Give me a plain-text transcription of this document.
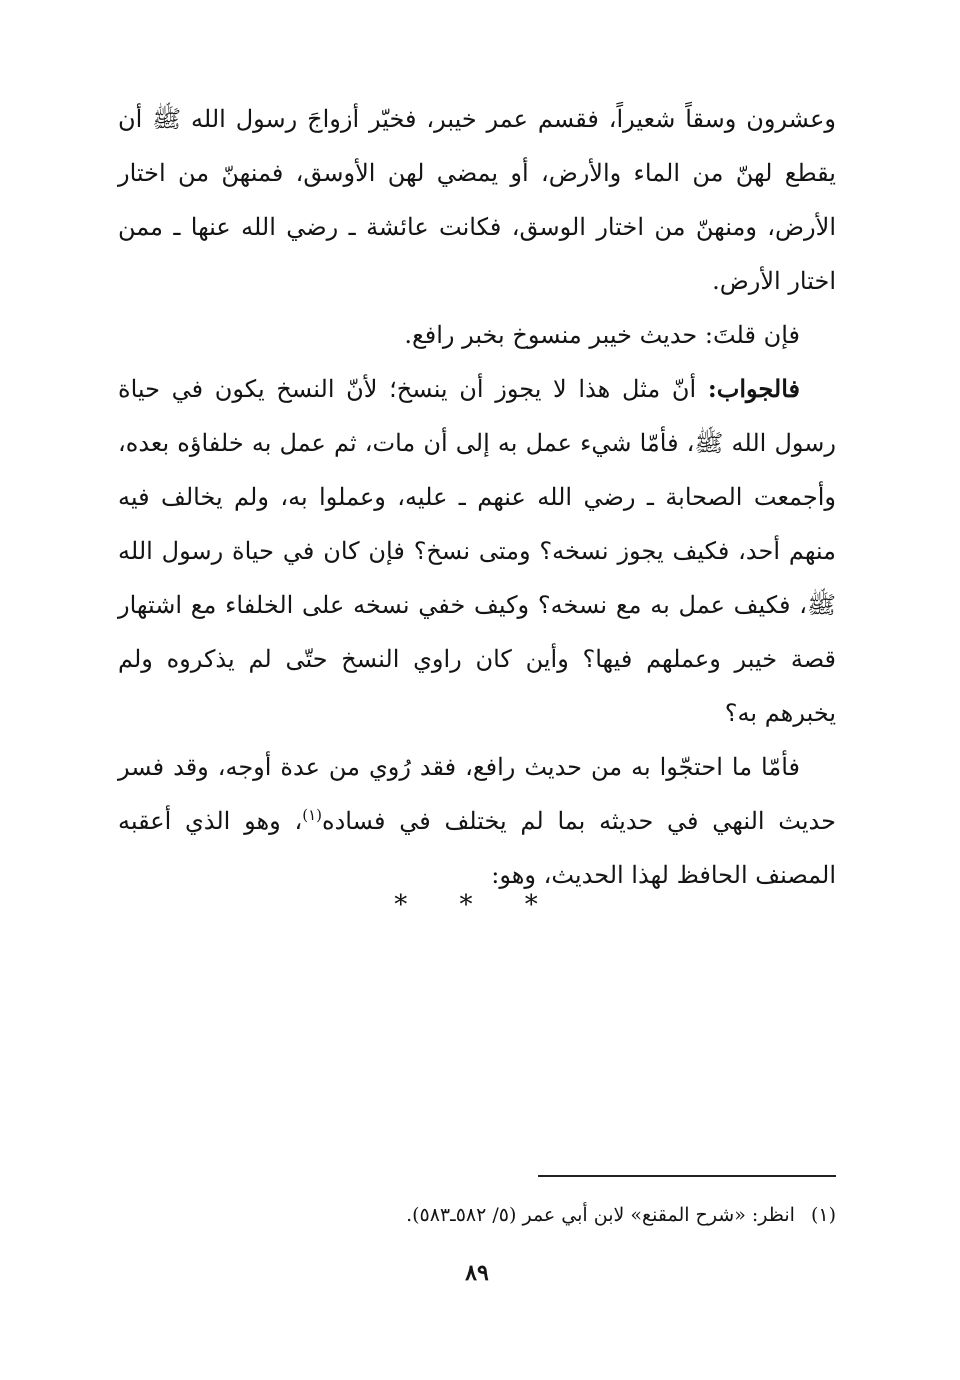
وعشرون وسقاً شعيراً، فقسم عمر خيبر، فخيّر أزواجَ رسول الله ﷺ أن يقطع لهنّ من الماء والأرض، أو يمضي لهن الأوسق، فمنهنّ من اختار الأرض، ومنهنّ من اختار الوسق، فكانت عائشة ـ رضي الله عنها ـ ممن اختار الأرض.

فإن قلتَ: حديث خيبر منسوخ بخبر رافع.

فالجواب: أنّ مثل هذا لا يجوز أن ينسخ؛ لأنّ النسخ يكون في حياة رسول الله ﷺ، فأمّا شيء عمل به إلى أن مات، ثم عمل به خلفاؤه بعده، وأجمعت الصحابة ـ رضي الله عنهم ـ عليه، وعملوا به، ولم يخالف فيه منهم أحد، فكيف يجوز نسخه؟ ومتى نسخ؟ فإن كان في حياة رسول الله ﷺ، فكيف عمل به مع نسخه؟ وكيف خفي نسخه على الخلفاء مع اشتهار قصة خيبر وعملهم فيها؟ وأين كان راوي النسخ حتّى لم يذكروه ولم يخبرهم به؟

فأمّا ما احتجّوا به من حديث رافع، فقد رُوي من عدة أوجه، وقد فسر حديث النهي في حديثه بما لم يختلف في فساده$^{(١)}$، وهو الذي أعقبه المصنف الحافظ لهذا الحديث، وهو:

* * *
(١)انظر: «شرح المقنع» لابن أبي عمر (٥/ ٥٨٢ـ٥٨٣).
٨٩
